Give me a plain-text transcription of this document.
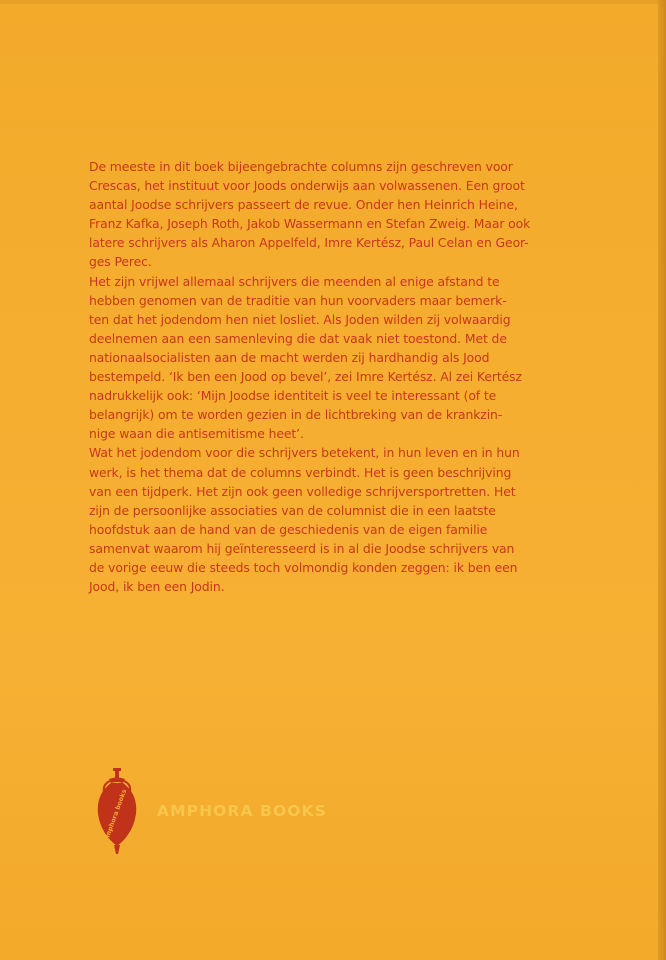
De meeste in dit boek bijeengebrachte columns zijn geschreven voor
Crescas, het instituut voor Joods onderwijs aan volwassenen. Een groot
aantal Joodse schrijvers passeert de revue. Onder hen Heinrich Heine,
Franz Kafka, Joseph Roth, Jakob Wassermann en Stefan Zweig. Maar ook
latere schrijvers als Aharon Appelfeld, Imre Kertész, Paul Celan en Geor-
ges Perec.

Het zijn vrijwel allemaal schrijvers die meenden al enige afstand te
hebben genomen van de traditie van hun voorvaders maar bemerk-
ten dat het jodendom hen niet losliet. Als Joden wilden zij volwaardig
deelnemen aan een samenleving die dat vaak niet toestond. Met de
nationaalsocialisten aan de macht werden zij hardhandig als Jood
bestempeld. ‘Ik ben een Jood op bevel’, zei Imre Kertész. Al zei Kertész
nadrukkelijk ook: ‘Mijn Joodse identiteit is veel te interessant (of te
belangrijk) om te worden gezien in de lichtbreking van de krankzin-
nige waan die antisemitisme heet’.

Wat het jodendom voor die schrijvers betekent, in hun leven en in hun
werk, is het thema dat de columns verbindt. Het is geen beschrijving
van een tijdperk. Het zijn ook geen volledige schrijversportretten. Het
zijn de persoonlijke associaties van de columnist die in een laatste
hoofdstuk aan de hand van de geschiedenis van de eigen familie
samenvat waarom hij geïnteresseerd is in al die Joodse schrijvers van
de vorige eeuw die steeds toch volmondig konden zeggen: ik ben een
Jood, ik ben een Jodin.

amphora books AMPHORA BOOKS
